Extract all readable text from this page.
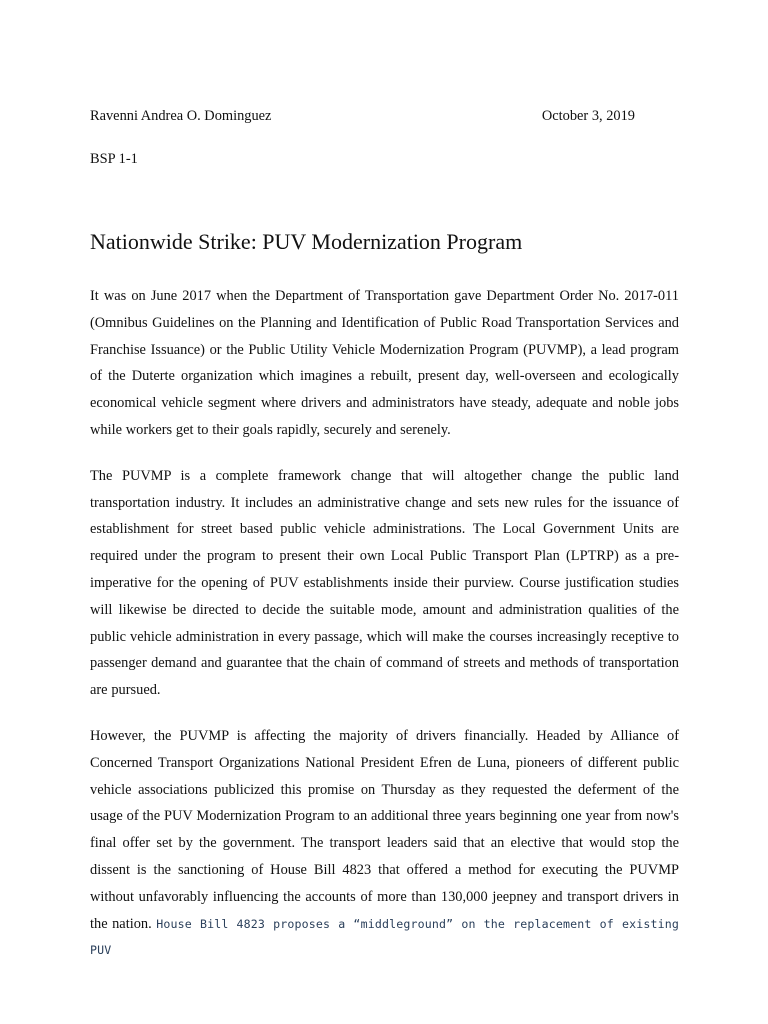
Ravenni Andrea O. Dominguez	October 3, 2019
BSP 1-1
Nationwide Strike: PUV Modernization Program

It was on June 2017 when the Department of Transportation gave Department Order No. 2017-011 (Omnibus Guidelines on the Planning and Identification of Public Road Transportation Services and Franchise Issuance) or the Public Utility Vehicle Modernization Program (PUVMP), a lead program of the Duterte organization which imagines a rebuilt, present day, well-overseen and ecologically economical vehicle segment where drivers and administrators have steady, adequate and noble jobs while workers get to their goals rapidly, securely and serenely.

The PUVMP is a complete framework change that will altogether change the public land transportation industry. It includes an administrative change and sets new rules for the issuance of establishment for street based public vehicle administrations. The Local Government Units are required under the program to present their own Local Public Transport Plan (LPTRP) as a pre-imperative for the opening of PUV establishments inside their purview. Course justification studies will likewise be directed to decide the suitable mode, amount and administration qualities of the public vehicle administration in every passage, which will make the courses increasingly receptive to passenger demand and guarantee that the chain of command of streets and methods of transportation are pursued.

However, the PUVMP is affecting the majority of drivers financially. Headed by Alliance of Concerned Transport Organizations National President Efren de Luna, pioneers of different public vehicle associations publicized this promise on Thursday as they requested the deferment of the usage of the PUV Modernization Program to an additional three years beginning one year from now's final offer set by the government. The transport leaders said that an elective that would stop the dissent is the sanctioning of House Bill 4823 that offered a method for executing the PUVMP without unfavorably influencing the accounts of more than 130,000 jeepney and transport drivers in the nation. House Bill 4823 proposes a “middleground” on the replacement of existing PUV
